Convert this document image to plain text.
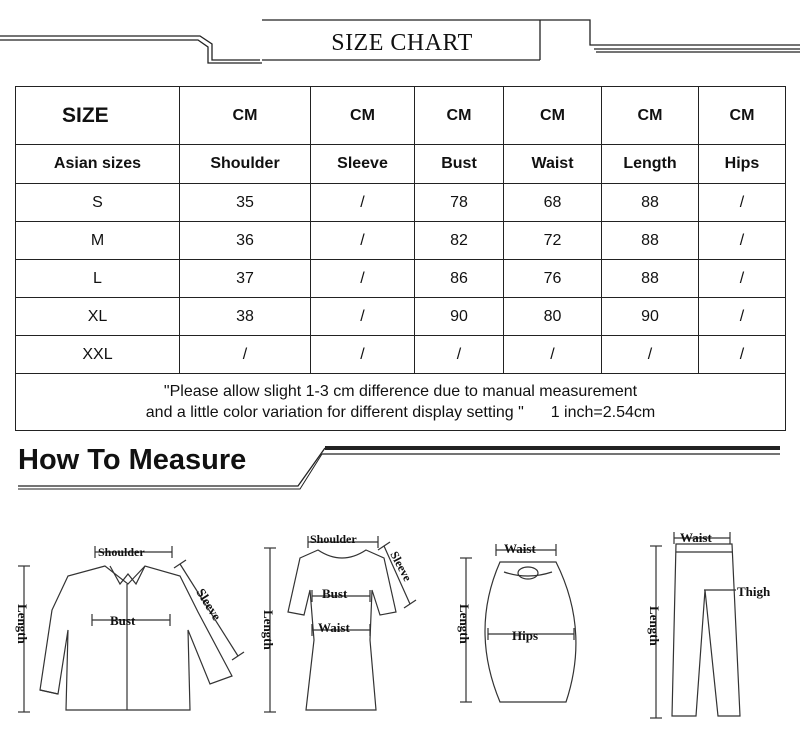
SIZE CHART
SIZE	CM	CM	CM	CM	CM	CM
Asian sizes	Shoulder	Sleeve	Bust	Waist	Length	Hips
S	35	/	78	68	88	/
M	36	/	82	72	88	/
L	37	/	86	76	88	/
XL	38	/	90	80	90	/
XXL	/	/	/	/	/	/

"Please allow slight 1-3 cm difference due to manual measurement
and a little color variation for different display setting " 1 inch=2.54cm						
How To Measure
Shoulder
Bust
Length	Sleeve
Shoulder
Bust
Waist
Length
Sleeve
Waist
Hips
Length
Waist
Thigh
Length
